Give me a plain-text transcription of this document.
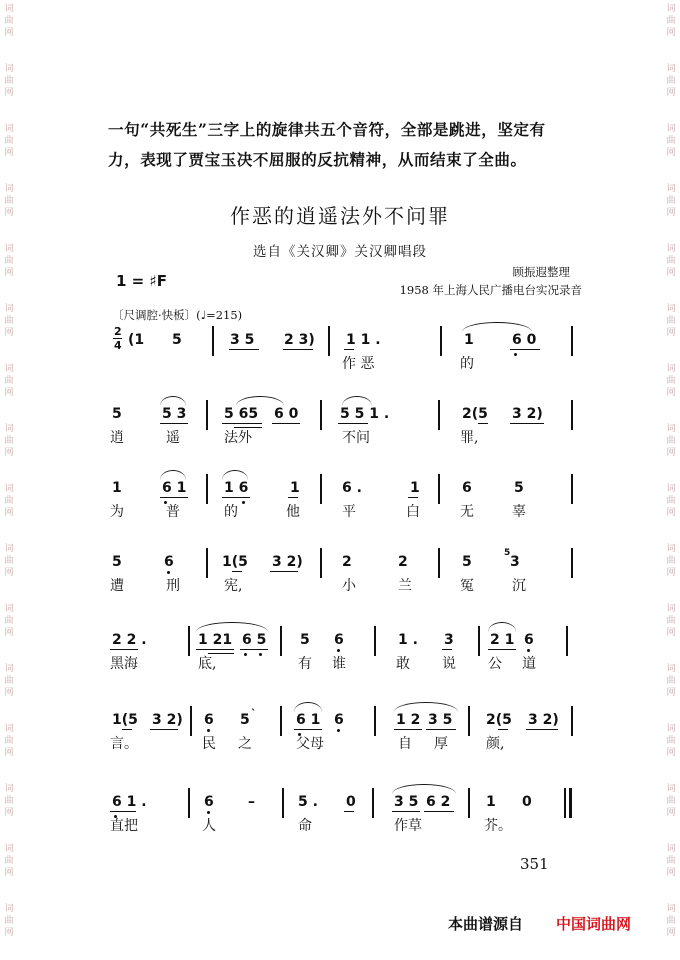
词
曲
网
词
曲
网
词
曲
网
词
曲
网
词
曲
网
词
曲
网
词
曲
网
词
曲
网
词
曲
网
词
曲
网
词
曲
网
词
曲
网
词
曲
网
词
曲
网
词
曲
网
词
曲
网
词
曲
网
词
曲
网
词
曲
网
词
曲
网
词
曲
网
词
曲
网
词
曲
网
词
曲
网
词
曲
网
词
曲
网
词
曲
网
词
曲
网
词
曲
网
词
曲
网
词
曲
网
词
曲
网
一句“共死生”三字上的旋律共五个音符，全部是跳进，坚定有
力，表现了贾宝玉决不屈服的反抗精神，从而结束了全曲。
作恶的逍遥法外不问罪
选自《关汉卿》关汉卿唱段
1 = ♯F	顾振遐整理
1958 年上海人民广播电台实况录音
〔尺调腔·快板〕(♩=215)
2
4 (1 5	3 5 2 3) 1 1 .	1	6 0
作 恶	的
5	5 3	5 65 6 0	5 5 1 .	2(5 3 2)
逍	遥	法外	不问	罪,
1	6 1	1 6	1	6 .	1	6	5
为	普	的	他	平	白	无	辜
5	6	1(5 3 2)	2	2	5	3
5
遭	刑	宪,	小	兰	冤	沉
2 2 .	1 21 6 5 5 6	1 . 3	2 1 6
黑海	底,	有 谁	敢 说 公 道
1(5 3 2) 6 5 `	6 1 6	1 2 3 5 2(5 3 2)
言。	民 之	父母	自 厚	颜,
6 1 .	6 –	5 . 0	3 5 6 2	1 0
直把	人	命	作草	芥。
351
本曲谱源自 中国词曲网
